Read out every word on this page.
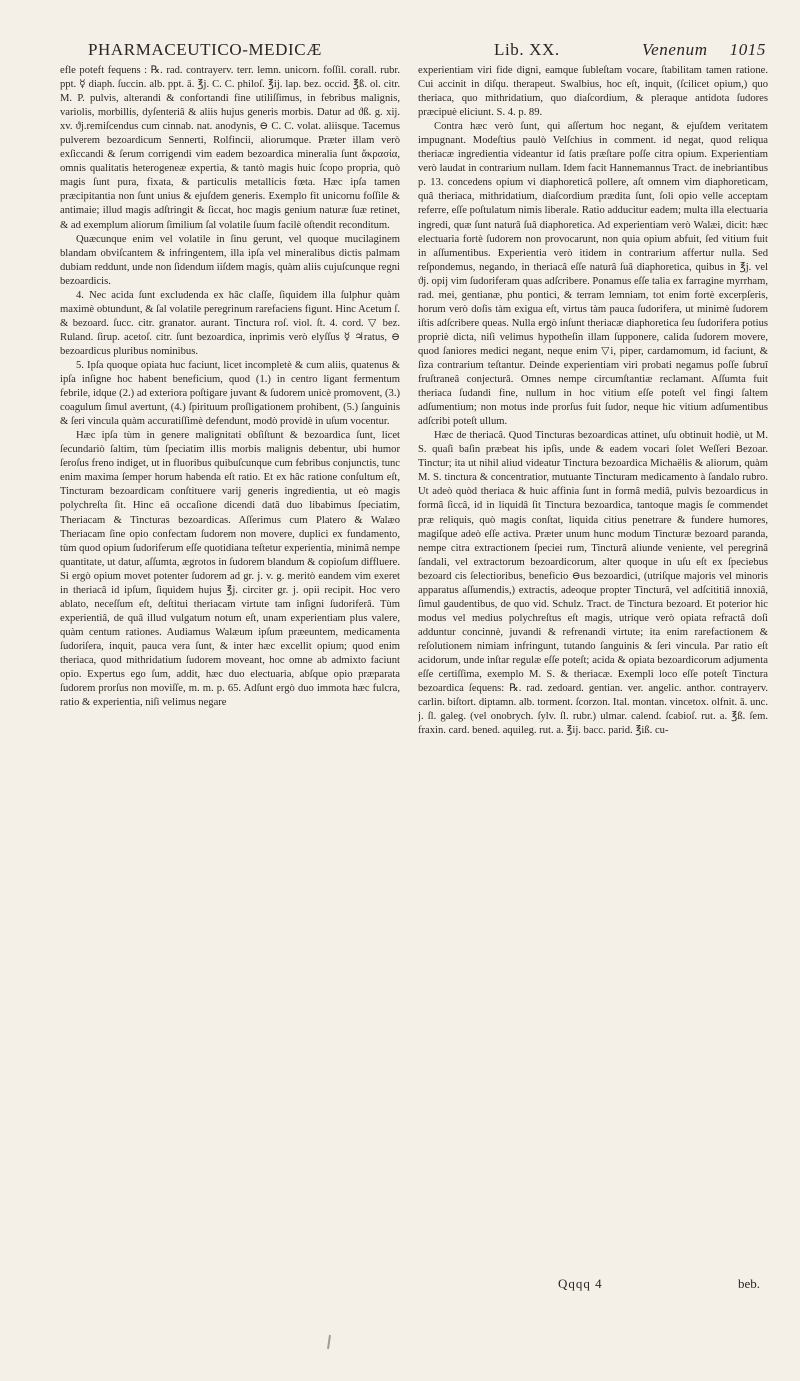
PHARMACEUTICO-MEDICÆ	Lib. XX.	Venenum 1015

efle poteft fequens : ℞. rad. contrayerv. terr. lemn. unicorn. foſſil. corall. rubr. ppt. ☿ diaph. ſuccin. alb. ppt. ā. ℥j. C. C. philoſ. ℥ij. lap. bez. occid. ℥ß. ol. citr. M. P. pulvis, alterandi & confortandi fine utiliſſimus, in febribus malignis, variolis, morbillis, dyſenteriâ & aliis hujus generis morbis. Datur ad ϑß. g. xij. xv. ϑj.remiſcendus cum cinnab. nat. anodynis, ⊖ C. C. volat. aliisque. Tacemus pulverem bezoardicum Sennerti, Rolfincii, aliorumque. Præter illam verò exſiccandi & ſerum corrigendi vim eadem bezoardica mineralia ſunt ἄκρασία, omnis qualitatis heterogeneæ expertia, & tantò magis huic ſcopo propria, quò magis ſunt pura, fixata, & particulis metallicis fœta. Hæc ipſa tamen præcipitantia non ſunt unius & ejuſdem generis. Exemplo fit unicornu foſſile & antimaie; illud magis adſtringit & ſiccat, hoc magis genium naturæ ſuæ retinet, & ad exemplum aliorum ſimilium ſal volatile ſuum facilè oſtendit reconditum.

Quæcunque enim vel volatile in ſinu gerunt, vel quoque mucilaginem blandam obviſcantem & infringentem, illa ipſa vel mineralibus dictis palmam dubiam reddunt, unde non ſidendum iiſdem magis, quàm aliis cujuſcunque regni bezoardicis.

4. Nec acida ſunt excludenda ex hâc claſſe, ſiquidem illa ſulphur quàm maximè obtundunt, & ſal volatile peregrinum rarefaciens figunt. Hinc Acetum ſ. & bezoard. ſucc. citr. granator. aurant. Tinctura roſ. viol. ſt. 4. cord. ▽ bez. Ruland. ſirup. acetoſ. citr. ſunt bezoardica, inprimis verò elyſſus ☿ ♃ratus, ⊖ bezoardicus pluribus nominibus.

5. Ipſa quoque opiata huc faciunt, licet incompletè & cum aliis, quatenus & ipſa inſigne hoc habent beneficium, quod (1.) in centro ligant fermentum febrile, idque (2.) ad exteriora poſtigare juvant & ſudorem unicè promovent, (3.) coagulum ſimul avertunt, (4.) ſpirituum proſligationem prohibent, (5.) ſanguinis & ſeri vincula quàm accuratiſſimè defendunt, modò providè in uſum vocentur.

Hæc ipſa tùm in genere malignitati obſiſtunt & bezoardica ſunt, licet ſecundariò ſaltim, tùm ſpeciatim illis morbis malignis debentur, ubi humor ſeroſus freno indiget, ut in fluoribus quibuſcunque cum febribus conjunctis, tunc enim maxima ſemper horum habenda eſt ratio. Et ex hâc ratione conſultum eſt, Tincturam bezoardicam conſtituere varij generis ingredientia, ut eò magis polychreſta ſit. Hinc eâ occaſione dicendi datâ duo libabimus ſpeciatim, Theriacam & Tincturas bezoardicas. Aſſerimus cum Platero & Walæo Theriacam ſine opio confectam ſudorem non movere, duplici ex fundamento, tùm quod opium ſudoriferum eſſe quotidiana teſtetur experientia, minimâ nempe quantitate, ut datur, aſſumta, ægrotos in ſudorem blandum & copioſum diffluere. Si ergò opium movet potenter ſudorem ad gr. j. v. g. meritò eandem vim exeret in theriacâ id ipſum, ſiquidem hujus ℥j. circiter gr. j. opii recipit. Hoc vero ablato, neceſſum eſt, deſtitui theriacam virtute tam inſigni ſudoriferâ. Tùm experientiâ, de quâ illud vulgatum notum eſt, unam experientiam plus valere, quàm centum rationes. Audiamus Walæum ipſum præeuntem, medicamenta ſudoriſera, inquit, pauca vera ſunt, & inter hæc excellit opium; quod enim theriaca, quod mithridatium ſudorem moveant, hoc omne ab admixto faciunt opio. Expertus ego ſum, addit, hæc duo electuaria, abſque opio præparata ſudorem prorſus non moviſſe, m. m. p. 65. Adſunt ergò duo immota hæc fulcra, ratio & experientia, niſi velimus negare

experientiam viri fide digni, eamque ſubleſtam vocare, ſtabilitam tamen ratione. Cui accinit in diſqu. therapeut. Swalbius, hoc eſt, inquit, (ſcilicet opium,) quo theriaca, quo mithridatium, quo diaſcordium, & pleraque antidota ſudores præcipuè eliciunt. S. 4. p. 89.

Contra hæc verò ſunt, qui aſſertum hoc negant, & ejuſdem veritatem impugnant. Modeſtius paulò Velſchius in comment. id negat, quod reliqua theriacæ ingredientia videantur id ſatis præſtare poſſe citra opium. Experientiam verò laudat in contrarium nullam. Idem facit Hannemannus Tract. de inebriantibus p. 13. concedens opium vi diaphoreticâ pollere, aſt omnem vim diaphoreticam, quâ theriaca, mithridatium, diaſcordium prædita ſunt, ſoli opio velle acceptam referre, eſſe poſtulatum nimis liberale. Ratio adducitur eadem; multa illa electuaria ingredi, quæ ſunt naturâ ſuâ diaphoretica. Ad experientiam verò Walæi, dicit: hæc electuaria fortè ſudorem non provocarunt, non quia opium abfuit, ſed vitium fuit in aſſumentibus. Experientia verò itidem in contrarium affertur nulla. Sed reſpondemus, negando, in theriacâ eſſe naturâ ſuâ diaphoretica, quibus in ℥j. vel ϑj. opij vim ſudoriferam quas adſcribere. Ponamus eſſe talia ex farragine myrrham, rad. mei, gentianæ, phu pontici, & terram lemniam, tot enim fortè excerpſeris, horum verò doſis tàm exigua eſt, virtus tàm pauca ſudorifera, ut minimè ſudorem iſtis adſcribere queas. Nulla ergò inſunt theriacæ diaphoretica ſeu ſudorifera potius propriè dicta, niſi velimus hypotheſin illam ſupponere, calida ſudorem movere, quod ſaniores medici negant, neque enim ▽i, piper, cardamomum, id faciunt, & ſiza contrarium teſtantur. Deinde experientiam viri probati negamus poſſe ſubruî fruſtraneâ conjecturâ. Omnes nempe circumſtantiæ reclamant. Aſſumta fuit theriaca ſudandi fine, nullum in hoc vitium eſſe poteſt vel fingi ſaltem adſumentium; non motus inde prorſus fuit ſudor, neque hic vitium adſumentibus adſcribi poteſt ullum.

Hæc de theriacâ. Quod Tincturas bezoardicas attinet, uſu obtinuit hodiè, ut M. S. quaſi baſin præbeat his ipſis, unde & eadem vocari ſolet Weſſeri Bezoar. Tinctur; ita ut nihil aliud videatur Tinctura bezoardica Michaëlis & aliorum, quàm M. S. tinctura & concentratior, mutuante Tincturam medicamento à ſandalo rubro. Ut adeò quòd theriaca & huic affinia ſunt in formâ mediâ, pulvis bezoardicus in formâ ſiccâ, id in liquidâ ſit Tinctura bezoardica, tantoque magis ſe commendet præ reliquis, quò magis conſtat, liquida citius penetrare & fundere humores, magiſque adeò eſſe activa. Præter unum hunc modum Tincturæ bezoard paranda, nempe citra extractionem ſpeciei rum, Tincturâ aliunde veniente, vel peregrinâ ſandali, vel extractorum bezoardicorum, alter quoque in uſu eſt ex ſpeciebus bezoard cis ſelectioribus, beneficio ⊖us bezoardici, (utriſque majoris vel minoris apparatus aſſumendis,) extractis, adeoque propter Tincturâ, vel adſcititiâ innoxiâ, ſimul gaudentibus, de quo vid. Schulz. Tract. de Tinctura bezoard. Et poterior hic modus vel medius polychreſtus eſt magis, utrique verò opiata refractâ doſi adduntur concinnè, juvandi & refrenandi virtute; ita enim rarefactionem & reſolutionem nimiam infringunt, tutando ſanguinis & ſeri vincula. Par ratio eſt acidorum, unde inſtar regulæ eſſe poteſt; acida & opiata bezoardicorum adjumenta eſſe certiſſima, exemplo M. S. & theriacæ. Exempli loco eſſe poteſt Tinctura bezoardica ſequens: ℞. rad. zedoard. gentian. ver. angelic. anthor. contrayerv. carlin. biſtort. diptamn. alb. torment. ſcorzon. Ital. montan. vincetox. olfnit. ā. unc. j. ſl. galeg. (vel onobrych. ſylv. ſl. rubr.) ulmar. calend. ſcabioſ. rut. a. ℥ß. ſem. fraxin. card. bened. aquileg. rut. a. ℥ij. bacc. parid. ℥iß. cu-

Qqqq 4	beb.
